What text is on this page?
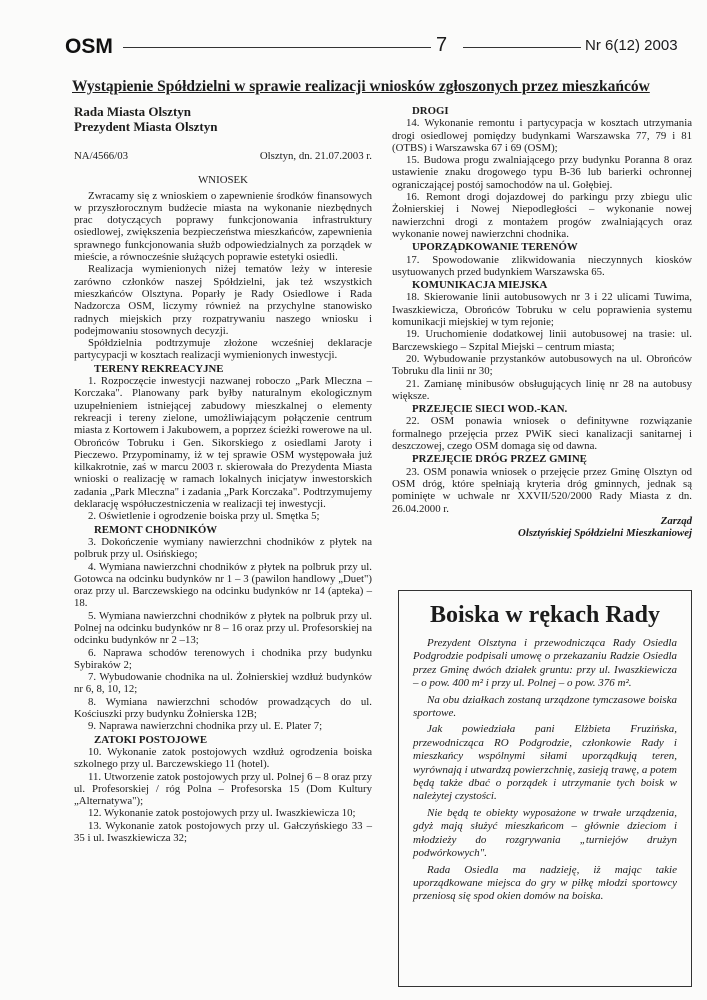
OSM	7	Nr 6(12) 2003
Wystąpienie Spółdzielni w sprawie realizacji wniosków zgłoszonych przez mieszkańców

Rada Miasta Olsztyn

Prezydent Miasta Olsztyn

NA/4566/03	Olsztyn, dn. 21.07.2003 r.

WNIOSEK

Zwracamy się z wnioskiem o zapewnienie środków finansowych w przyszłorocznym budżecie miasta na wykonanie niezbędnych prac dotyczących poprawy funkcjonowania infrastruktury osiedlowej, zwiększenia bezpieczeństwa mieszkańców, zapewnienia sprawnego funkcjonowania służb odpowiedzialnych za porządek w mieście, a równocześnie służących poprawie estetyki osiedli.

Realizacja wymienionych niżej tematów leży w interesie zarówno członków naszej Spółdzielni, jak też wszystkich mieszkańców Olsztyna. Poparły je Rady Osiedlowe i Rada Nadzorcza OSM, liczymy również na przychylne stanowisko radnych miejskich przy rozpatrywaniu naszego wniosku i podejmowaniu stosownych decyzji.

Spółdzielnia podtrzymuje złożone wcześniej deklaracje partycypacji w kosztach realizacji wymienionych inwestycji.

TERENY REKREACYJNE

1. Rozpoczęcie inwestycji nazwanej roboczo „Park Mleczna – Korczaka". Planowany park byłby naturalnym ekologicznym uzupełnieniem istniejącej zabudowy mieszkalnej o elementy rekreacji i tereny zielone, umożliwiającym połączenie centrum miasta z Kortowem i Jakubowem, a poprzez ścieżki rowerowe na ul. Obrońców Tobruku i Gen. Sikorskiego z osiedlami Jaroty i Pieczewo. Przypominamy, iż w tej sprawie OSM występowała już kilkakrotnie, zaś w marcu 2003 r. skierowała do Prezydenta Miasta wnioski o realizację w ramach lokalnych inicjatyw inwestorskich zadania „Park Mleczna" i zadania „Park Korczaka". Podtrzymujemy deklarację współuczestniczenia w realizacji tej inwestycji.

2. Oświetlenie i ogrodzenie boiska przy ul. Smętka 5;

REMONT CHODNIKÓW

3. Dokończenie wymiany nawierzchni chodników z płytek na polbruk przy ul. Osińskiego;

4. Wymiana nawierzchni chodników z płytek na polbruk przy ul. Gotowca na odcinku budynków nr 1 – 3 (pawilon handlowy „Duet") oraz przy ul. Barczewskiego na odcinku budynków nr 14 (apteka) – 18.

5. Wymiana nawierzchni chodników z płytek na polbruk przy ul. Polnej na odcinku budynków nr 8 – 16 oraz przy ul. Profesorskiej na odcinku budynków nr 2 –13;

6. Naprawa schodów terenowych i chodnika przy budynku Sybiraków 2;

7. Wybudowanie chodnika na ul. Żołnierskiej wzdłuż budynków nr 6, 8, 10, 12;

8. Wymiana nawierzchni schodów prowadzących do ul. Kościuszki przy budynku Żołnierska 12B;

9. Naprawa nawierzchni chodnika przy ul. E. Plater 7;

ZATOKI POSTOJOWE

10. Wykonanie zatok postojowych wzdłuż ogrodzenia boiska szkolnego przy ul. Barczewskiego 11 (hotel).

11. Utworzenie zatok postojowych przy ul. Polnej 6 – 8 oraz przy ul. Profesorskiej / róg Polna – Profesorska 15 (Dom Kultury „Alternatywa");

12. Wykonanie zatok postojowych przy ul. Iwaszkiewicza 10;

13. Wykonanie zatok postojowych przy ul. Gałczyńskiego 33 – 35 i ul. Iwaszkiewicza 32;

DROGI

14. Wykonanie remontu i partycypacja w kosztach utrzymania drogi osiedlowej pomiędzy budynkami Warszawska 77, 79 i 81 (OTBS) i Warszawska 67 i 69 (OSM);

15. Budowa progu zwalniającego przy budynku Poranna 8 oraz ustawienie znaku drogowego typu B-36 lub barierki ochronnej ograniczającej postój samochodów na ul. Gołębiej.

16. Remont drogi dojazdowej do parkingu przy zbiegu ulic Żołnierskiej i Nowej Niepodległości – wykonanie nowej nawierzchni drogi z montażem progów zwalniających oraz wykonanie nowej nawierzchni chodnika.

UPORZĄDKOWANIE TERENÓW

17. Spowodowanie zlikwidowania nieczynnych kiosków usytuowanych przed budynkiem Warszawska 65.

KOMUNIKACJA MIEJSKA

18. Skierowanie linii autobusowych nr 3 i 22 ulicami Tuwima, Iwaszkiewicza, Obrońców Tobruku w celu poprawienia systemu komunikacji miejskiej w tym rejonie;

19. Uruchomienie dodatkowej linii autobusowej na trasie: ul. Barczewskiego – Szpital Miejski – centrum miasta;

20. Wybudowanie przystanków autobusowych na ul. Obrońców Tobruku dla linii nr 30;

21. Zamianę minibusów obsługujących linię nr 28 na autobusy większe.

PRZEJĘCIE SIECI WOD.-KAN.

22. OSM ponawia wniosek o definitywne rozwiązanie formalnego przejęcia przez PWiK sieci kanalizacji sanitarnej i deszczowej, czego OSM domaga się od dawna.

PRZEJĘCIE DRÓG PRZEZ GMINĘ

23. OSM ponawia wniosek o przejęcie przez Gminę Olsztyn od OSM dróg, które spełniają kryteria dróg gminnych, jednak są pominięte w uchwale nr XXVII/520/2000 Rady Miasta z dn. 26.04.2000 r.

Zarząd

Olsztyńskiej Spółdzielni Mieszkaniowej

Boiska w rękach Rady

Prezydent Olsztyna i przewodnicząca Rady Osiedla Podgrodzie podpisali umowę o przekazaniu Radzie Osiedla przez Gminę dwóch działek gruntu: przy ul. Iwaszkiewicza – o pow. 400 m² i przy ul. Polnej – o pow. 376 m².

Na obu działkach zostaną urządzone tymczasowe boiska sportowe.

Jak powiedziała pani Elżbieta Fruzińska, przewodnicząca RO Podgrodzie, członkowie Rady i mieszkańcy wspólnymi siłami uporządkują teren, wyrównają i utwardzą powierzchnię, zasieją trawę, a potem będą także dbać o porządek i utrzymanie tych boisk w należytej czystości.

Nie będą te obiekty wyposażone w trwałe urządzenia, gdyż mają służyć mieszkańcom – głównie dzieciom i młodzieży do rozgrywania „turniejów drużyn podwórkowych".

Rada Osiedla ma nadzieję, iż mając takie uporządkowane miejsca do gry w piłkę młodzi sportowcy przeniosą się spod okien domów na boiska.
